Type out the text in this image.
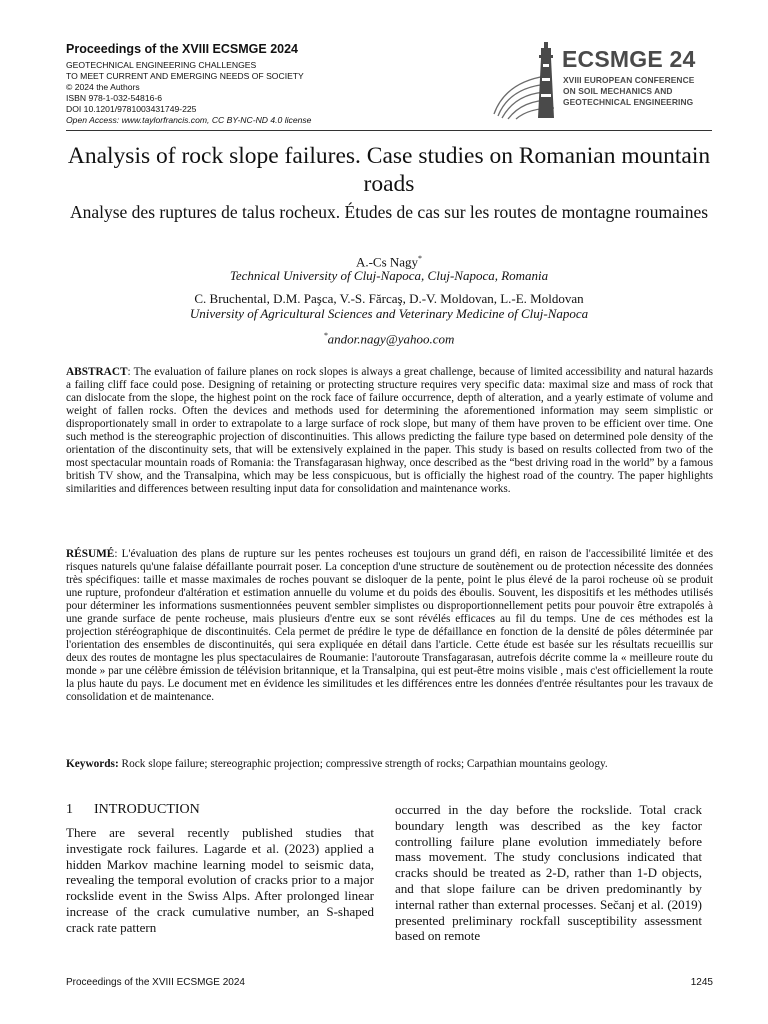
Proceedings of the XVIII ECSMGE 2024
GEOTECHNICAL ENGINEERING CHALLENGES
TO MEET CURRENT AND EMERGING NEEDS OF SOCIETY
© 2024 the Authors
ISBN 978-1-032-54816-6
DOI 10.1201/9781003431749-225
Open Access: www.taylorfrancis.com, CC BY-NC-ND 4.0 license
ECSMGE 24
XVIII EUROPEAN CONFERENCE
ON SOIL MECHANICS AND
GEOTECHNICAL ENGINEERING
Analysis of rock slope failures. Case studies on Romanian mountain roads
Analyse des ruptures de talus rocheux. Études de cas sur les routes de montagne roumaines
A.-Cs Nagy*
Technical University of Cluj-Napoca, Cluj-Napoca, Romania
C. Bruchental, D.M. Paşca, V.-S. Fărcaş, D.-V. Moldovan, L.-E. Moldovan
University of Agricultural Sciences and Veterinary Medicine of Cluj-Napoca
*andor.nagy@yahoo.com
ABSTRACT: The evaluation of failure planes on rock slopes is always a great challenge, because of limited accessibility and natural hazards a failing cliff face could pose. Designing of retaining or protecting structure requires very specific data: maximal size and mass of rock that can dislocate from the slope, the highest point on the rock face of failure occurrence, depth of alteration, and a yearly estimate of volume and weight of fallen rocks. Often the devices and methods used for determining the aforementioned information may seem simplistic or disproportionately small in order to extrapolate to a large surface of rock slope, but many of them have proven to be efficient over time. One such method is the stereographic projection of discontinuities. This allows predicting the failure type based on determined pole density of the orientation of the discontinuity sets, that will be extensively explained in the paper. This study is based on results collected from two of the most spectacular mountain roads of Romania: the Transfagarasan highway, once described as the “best driving road in the world” by a famous british TV show, and the Transalpina, which may be less conspicuous, but is officially the highest road of the country. The paper highlights similarities and differences between resulting input data for consolidation and maintenance works.
RÉSUMÉ: L'évaluation des plans de rupture sur les pentes rocheuses est toujours un grand défi, en raison de l'accessibilité limitée et des risques naturels qu'une falaise défaillante pourrait poser. La conception d'une structure de soutènement ou de protection nécessite des données très spécifiques: taille et masse maximales de roches pouvant se disloquer de la pente, point le plus élevé de la paroi rocheuse où se produit une rupture, profondeur d'altération et estimation annuelle du volume et du poids des éboulis. Souvent, les dispositifs et les méthodes utilisés pour déterminer les informations susmentionnées peuvent sembler simplistes ou disproportionnellement petits pour pouvoir être extrapolés à une grande surface de pente rocheuse, mais plusieurs d'entre eux se sont révélés efficaces au fil du temps. Une de ces méthodes est la projection stéréographique de discontinuités. Cela permet de prédire le type de défaillance en fonction de la densité de pôles déterminée par l'orientation des ensembles de discontinuités, qui sera expliquée en détail dans l'article. Cette étude est basée sur les résultats recueillis sur deux des routes de montagne les plus spectaculaires de Roumanie: l'autoroute Transfagarasan, autrefois décrite comme la « meilleure route du monde » par une célèbre émission de télévision britannique, et la Transalpina, qui est peut-être moins visible , mais c'est officiellement la route la plus haute du pays. Le document met en évidence les similitudes et les différences entre les données d'entrée résultantes pour les travaux de consolidation et de maintenance.
Keywords: Rock slope failure; stereographic projection; compressive strength of rocks; Carpathian mountains geology.
1 INTRODUCTION
There are several recently published studies that investigate rock failures. Lagarde et al. (2023) applied a hidden Markov machine learning model to seismic data, revealing the temporal evolution of cracks prior to a major rockslide event in the Swiss Alps. After prolonged linear increase of the crack cumulative number, an S-shaped crack rate pattern
occurred in the day before the rockslide. Total crack boundary length was described as the key factor controlling failure plane evolution immediately before mass movement. The study conclusions indicated that cracks should be treated as 2-D, rather than 1-D objects, and that slope failure can be driven predominantly by internal rather than external processes. Sečanj et al. (2019) presented preliminary rockfall susceptibility assessment based on remote
Proceedings of the XVIII ECSMGE 2024	1245
